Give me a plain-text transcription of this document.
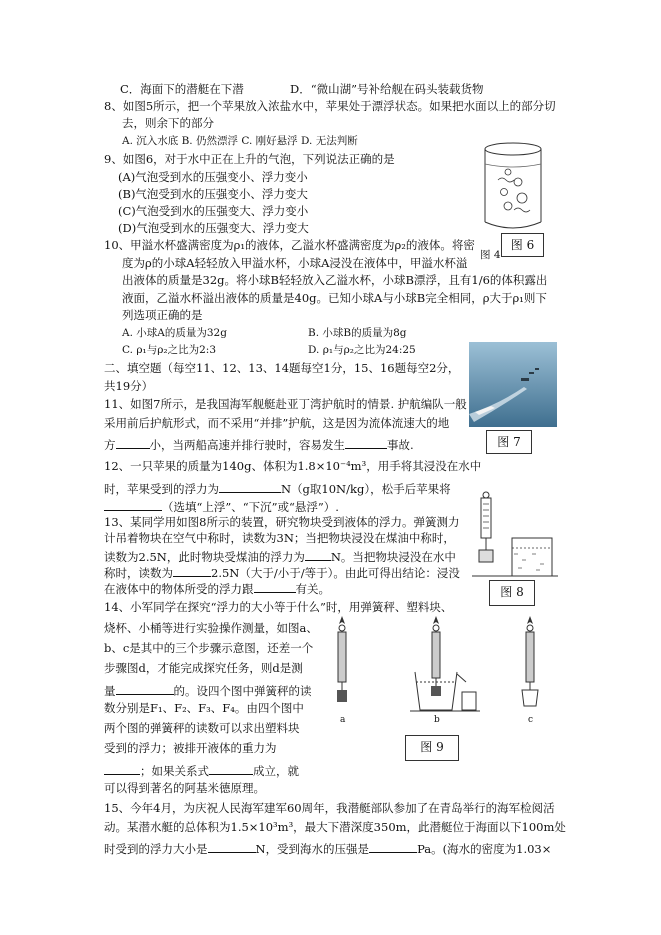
C．海面下的潜艇在下潜	D．“微山湖”号补给舰在码头装载货物
8、如图5所示，把一个苹果放入浓盐水中，苹果处于漂浮状态。如果把水面以上的部分切
去，则余下的部分
A. 沉入水底 B. 仍然漂浮 C. 刚好悬浮 D. 无法判断
9、如图6，对于水中正在上升的气泡，下列说法正确的是
(A)气泡受到水的压强变小、浮力变小
(B)气泡受到水的压强变小、浮力变大
(C)气泡受到水的压强变大、浮力变小
(D)气泡受到水的压强变大、浮力变大
图 6
10、甲溢水杯盛满密度为ρ₁的液体，乙溢水杯盛满密度为ρ₂的液体。将密
图 4
度为ρ的小球A轻轻放入甲溢水杯，小球A浸没在液体中，甲溢水杯溢
出液体的质量是32g。将小球B轻轻放入乙溢水杯，小球B漂浮，且有1/6的体积露出
液面，乙溢水杯溢出液体的质量是40g。已知小球A与小球B完全相同，ρ大于ρ₁则下
列选项正确的是
A. 小球A的质量为32g	B. 小球B的质量为8g
C. ρ₁与ρ₂之比为2:3	D. ρ₁与ρ₂之比为24:25
二、填空题（每空11、12、13、14题每空1分，15、16题每空2分，
共19分）
图 7
11、如图7所示，是我国海军舰艇赴亚丁湾护航时的情景. 护航编队一般
采用前后护航形式，而不采用“并排”护航，这是因为流体流速大的地
方	小，当两船高速并排行驶时，容易发生	事故.
12、一只苹果的质量为140g、体积为1.8×10⁻⁴m³，用手将其浸没在水中
时，苹果受到的浮力为	N（g取10N/kg），松手后苹果将
（选填“上浮”、“下沉”或“悬浮”）.
13、某同学用如图8所示的装置，研究物块受到液体的浮力。弹簧测力
计吊着物块在空气中称时，读数为3N；当把物块浸没在煤油中称时，
读数为2.5N，此时物块受煤油的浮力为 N。当把物块浸没在水中
称时，读数为	2.5N（大于/小于/等于）。由此可得出结论：浸没
在液体中的物体所受的浮力跟	有关。	图 8
14、小军同学在探究“浮力的大小等于什么”时，用弹簧秤、塑料块、
烧杯、小桶等进行实验操作测量，如图a、
b、c是其中的三个步骤示意图，还差一个
步骤图d，才能完成探究任务，则d是测
量	的。设四个图中弹簧秤的读
数分别是F₁、F₂、F₃、F₄。由四个图中
两个图的弹簧秤的读数可以求出塑料块
受到的浮力；被排开液体的重力为
；如果关系式	成立，就
可以得到著名的阿基米德原理。
a	b	c
图 9
15、今年4月，为庆祝人民海军建军60周年，我潜艇部队参加了在青岛举行的海军检阅活
动。某潜水艇的总体积为1.5×10³m³，最大下潜深度350m，此潜艇位于海面以下100m处
时受到的浮力大小是	N，受到海水的压强是	Pa。(海水的密度为1.03×
